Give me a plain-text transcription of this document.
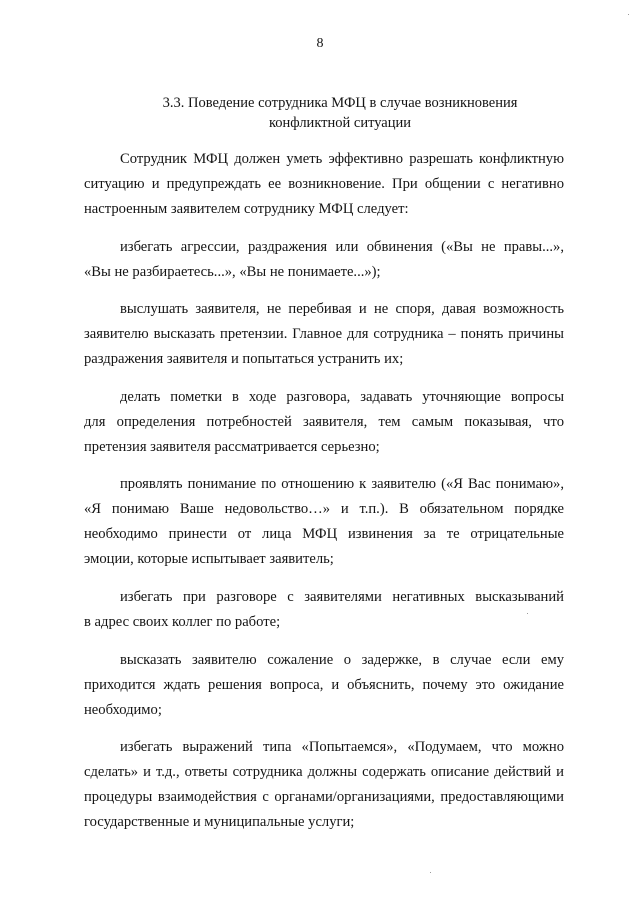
8
3.3. Поведение сотрудника МФЦ в случае возникновения
конфликтной ситуации

Сотрудник МФЦ должен уметь эффективно разрешать конфликтную
ситуацию и предупреждать ее возникновение. При общении с негативно
настроенным заявителем сотруднику МФЦ следует:

избегать агрессии, раздражения или обвинения («Вы не правы...»,
«Вы не разбираетесь...», «Вы не понимаете...»);

выслушать заявителя, не перебивая и не споря, давая возможность
заявителю высказать претензии. Главное для сотрудника – понять причины
раздражения заявителя и попытаться устранить их;

делать пометки в ходе разговора, задавать уточняющие вопросы
для определения потребностей заявителя, тем самым показывая, что
претензия заявителя рассматривается серьезно;

проявлять понимание по отношению к заявителю («Я Вас понимаю»,
«Я понимаю Ваше недовольство…» и т.п.). В обязательном порядке
необходимо принести от лица МФЦ извинения за те отрицательные
эмоции, которые испытывает заявитель;

избегать при разговоре с заявителями негативных высказываний
в адрес своих коллег по работе;

высказать заявителю сожаление о задержке, в случае если ему
приходится ждать решения вопроса, и объяснить, почему это ожидание
необходимо;

избегать выражений типа «Попытаемся», «Подумаем, что можно
сделать» и т.д., ответы сотрудника должны содержать описание действий и
процедуры взаимодействия с органами/организациями, предоставляющими
государственные и муниципальные услуги;
